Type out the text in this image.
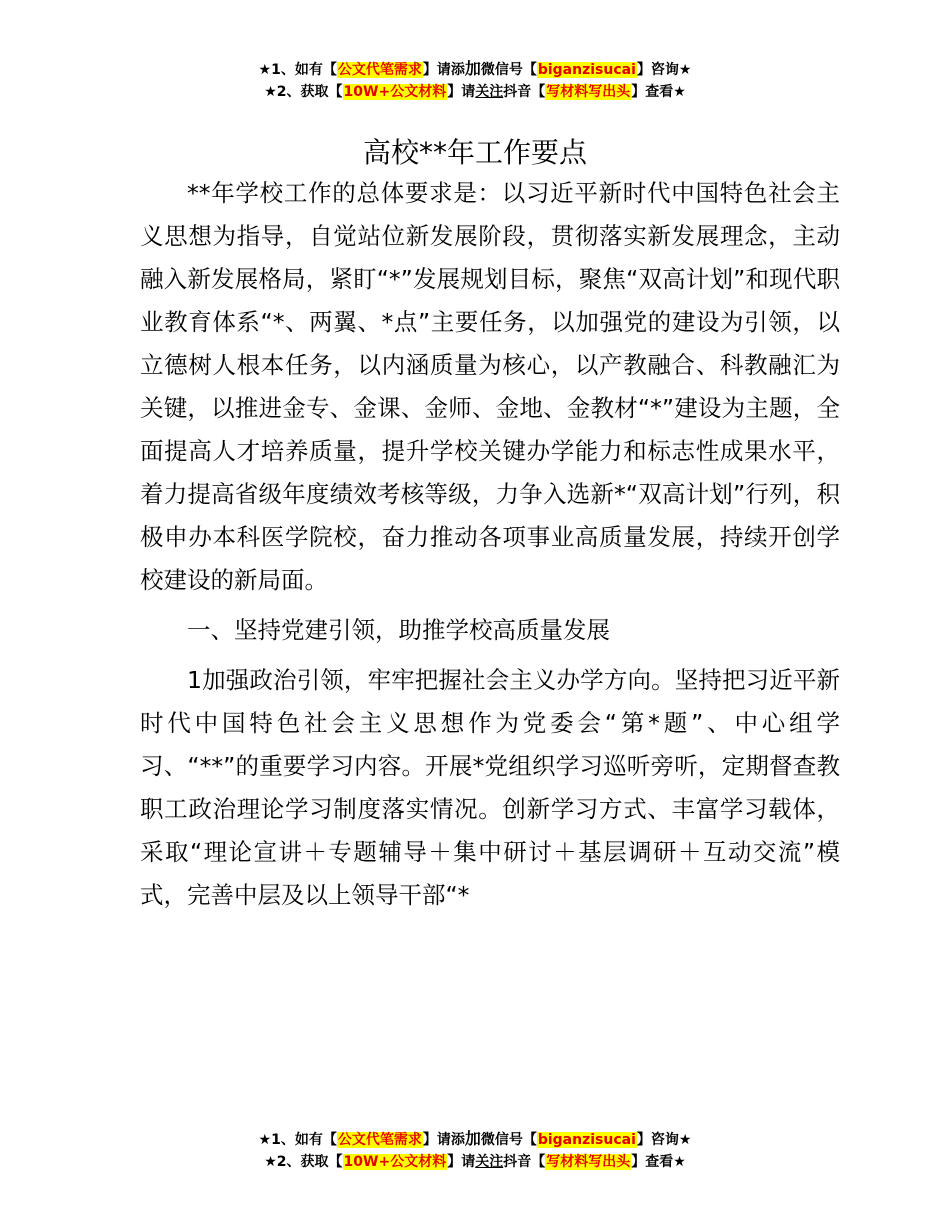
★1、如有【公文代笔需求】请添加微信号【biganzisucai】咨询★
★2、获取【10W+公文材料】请关注抖音【写材料写出头】查看★
高校**年工作要点

**年学校工作的总体要求是：以习近平新时代中国特色社会主义思想为指导，自觉站位新发展阶段，贯彻落实新发展理念，主动融入新发展格局，紧盯“*”发展规划目标，聚焦“双高计划”和现代职业教育体系“*、两翼、*点”主要任务，以加强党的建设为引领，以立德树人根本任务，以内涵质量为核心，以产教融合、科教融汇为关键，以推进金专、金课、金师、金地、金教材“*”建设为主题，全面提高人才培养质量，提升学校关键办学能力和标志性成果水平，着力提高省级年度绩效考核等级，力争入选新*“双高计划”行列，积极申办本科医学院校，奋力推动各项事业高质量发展，持续开创学校建设的新局面。

一、坚持党建引领，助推学校高质量发展

1加强政治引领，牢牢把握社会主义办学方向。坚持把习近平新时代中国特色社会主义思想作为党委会“第*题”、中心组学习、“**”的重要学习内容。开展*党组织学习巡听旁听，定期督查教职工政治理论学习制度落实情况。创新学习方式、丰富学习载体，采取“理论宣讲＋专题辅导＋集中研讨＋基层调研＋互动交流”模式，完善中层及以上领导干部“*

★1、如有【公文代笔需求】请添加微信号【biganzisucai】咨询★
★2、获取【10W+公文材料】请关注抖音【写材料写出头】查看★
